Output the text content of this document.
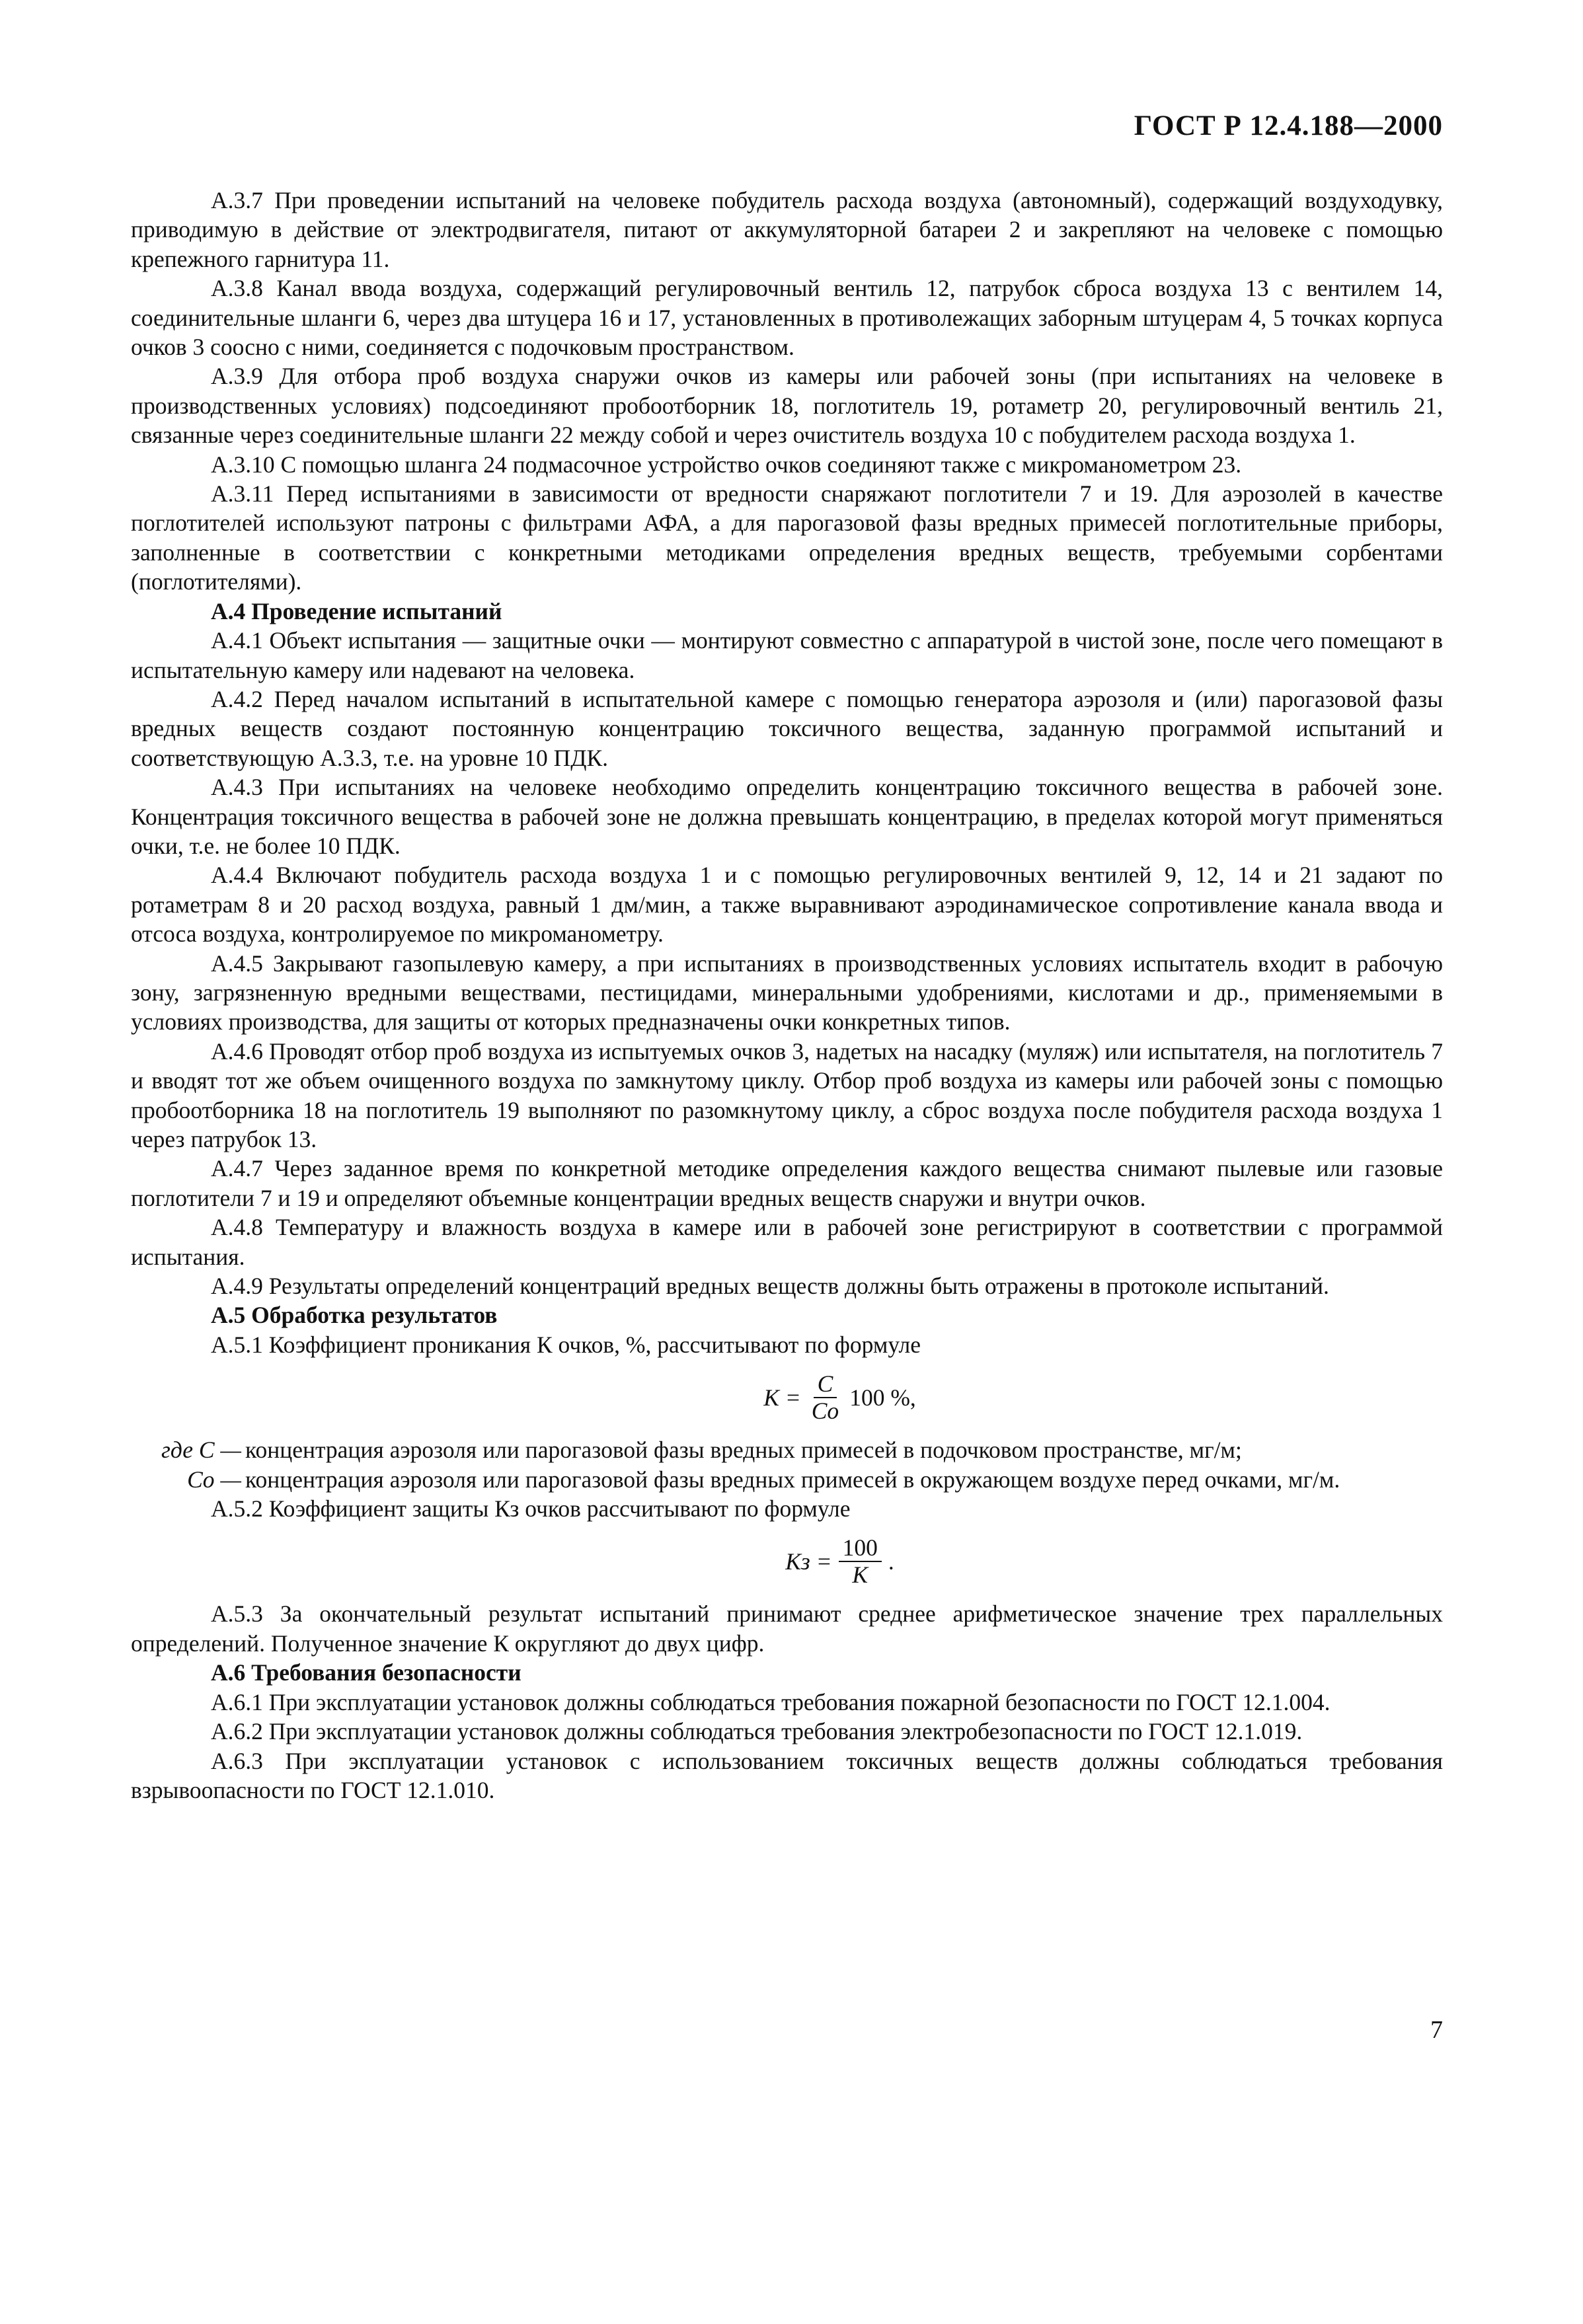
ГОСТ Р 12.4.188—2000

А.3.7 При проведении испытаний на человеке побудитель расхода воздуха (автономный), содержащий воздуходувку, приводимую в действие от электродвигателя, питают от аккумуляторной батареи 2 и закрепляют на человеке с помощью крепежного гарнитура 11.

А.3.8 Канал ввода воздуха, содержащий регулировочный вентиль 12, патрубок сброса воздуха 13 с вентилем 14, соединительные шланги 6, через два штуцера 16 и 17, установленных в противолежащих заборным штуцерам 4, 5 точках корпуса очков 3 соосно с ними, соединяется с подочковым пространством.

А.3.9 Для отбора проб воздуха снаружи очков из камеры или рабочей зоны (при испытаниях на человеке в производственных условиях) подсоединяют пробоотборник 18, поглотитель 19, ротаметр 20, регулировочный вентиль 21, связанные через соединительные шланги 22 между собой и через очиститель воздуха 10 с побудителем расхода воздуха 1.

А.3.10 С помощью шланга 24 подмасочное устройство очков соединяют также с микроманометром 23.

А.3.11 Перед испытаниями в зависимости от вредности снаряжают поглотители 7 и 19. Для аэрозолей в качестве поглотителей используют патроны с фильтрами АФА, а для парогазовой фазы вредных примесей поглотительные приборы, заполненные в соответствии с конкретными методиками определения вредных веществ, требуемыми сорбентами (поглотителями).

А.4 Проведение испытаний

А.4.1 Объект испытания — защитные очки — монтируют совместно с аппаратурой в чистой зоне, после чего помещают в испытательную камеру или надевают на человека.

А.4.2 Перед началом испытаний в испытательной камере с помощью генератора аэрозоля и (или) парогазовой фазы вредных веществ создают постоянную концентрацию токсичного вещества, заданную программой испытаний и соответствующую А.3.3, т.е. на уровне 10 ПДК.

А.4.3 При испытаниях на человеке необходимо определить концентрацию токсичного вещества в рабочей зоне. Концентрация токсичного вещества в рабочей зоне не должна превышать концентрацию, в пределах которой могут применяться очки, т.е. не более 10 ПДК.

А.4.4 Включают побудитель расхода воздуха 1 и с помощью регулировочных вентилей 9, 12, 14 и 21 задают по ротаметрам 8 и 20 расход воздуха, равный 1 дм/мин, а также выравнивают аэродинамическое сопротивление канала ввода и отсоса воздуха, контролируемое по микроманометру.

А.4.5 Закрывают газопылевую камеру, а при испытаниях в производственных условиях испытатель входит в рабочую зону, загрязненную вредными веществами, пестицидами, минеральными удобрениями, кислотами и др., применяемыми в условиях производства, для защиты от которых предназначены очки конкретных типов.

А.4.6 Проводят отбор проб воздуха из испытуемых очков 3, надетых на насадку (муляж) или испытателя, на поглотитель 7 и вводят тот же объем очищенного воздуха по замкнутому циклу. Отбор проб воздуха из камеры или рабочей зоны с помощью пробоотборника 18 на поглотитель 19 выполняют по разомкнутому циклу, а сброс воздуха после побудителя расхода воздуха 1 через патрубок 13.

А.4.7 Через заданное время по конкретной методике определения каждого вещества снимают пылевые или газовые поглотители 7 и 19 и определяют объемные концентрации вредных веществ снаружи и внутри очков.

А.4.8 Температуру и влажность воздуха в камере или в рабочей зоне регистрируют в соответствии с программой испытания.

А.4.9 Результаты определений концентраций вредных веществ должны быть отражены в протоколе испытаний.

А.5 Обработка результатов

А.5.1 Коэффициент проникания К очков, %, рассчитывают по формуле

$K = \frac{C}{Cо} 100$ %,
где C — концентрация аэрозоля или парогазовой фазы вредных примесей в подочковом пространстве, мг/м;
Cо — концентрация аэрозоля или парогазовой фазы вредных примесей в окружающем воздухе перед очками, мг/м.

А.5.2 Коэффициент защиты Кз очков рассчитывают по формуле

Kз = $\frac{100}{K}$ .

А.5.3 За окончательный результат испытаний принимают среднее арифметическое значение трех параллельных определений. Полученное значение К округляют до двух цифр.

А.6 Требования безопасности

А.6.1 При эксплуатации установок должны соблюдаться требования пожарной безопасности по ГОСТ 12.1.004.

А.6.2 При эксплуатации установок должны соблюдаться требования электробезопасности по ГОСТ 12.1.019.

А.6.3 При эксплуатации установок с использованием токсичных веществ должны соблюдаться требования взрывоопасности по ГОСТ 12.1.010.

7
